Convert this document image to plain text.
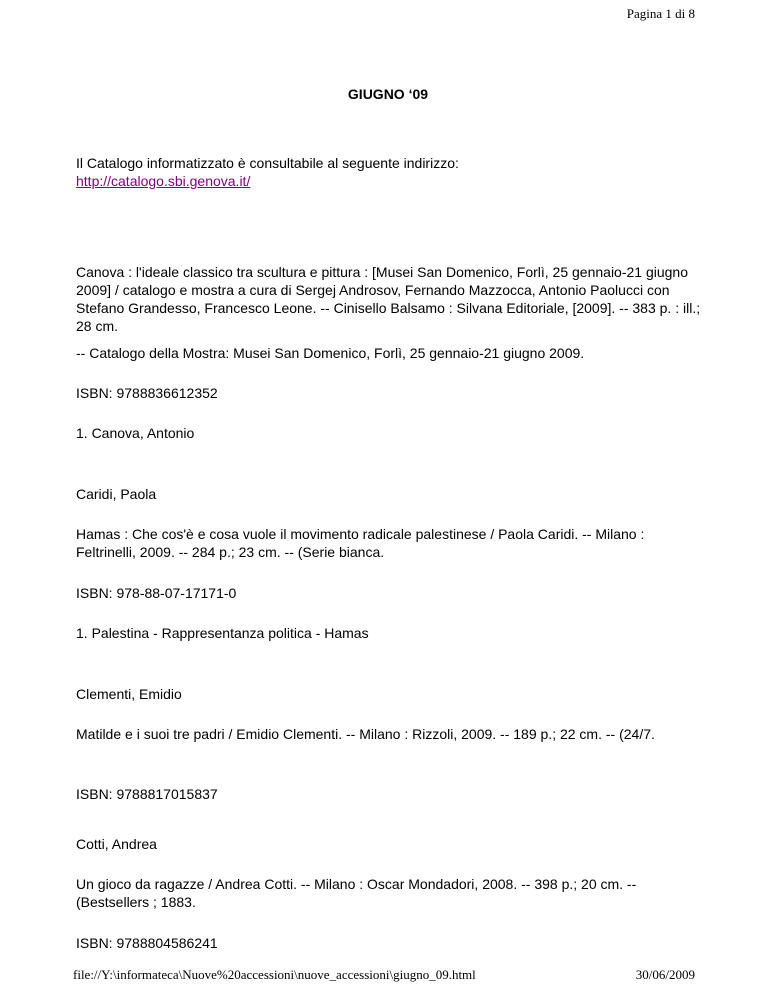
Pagina 1 di 8
GIUGNO ‘09
Il Catalogo informatizzato è consultabile al seguente indirizzo:
http://catalogo.sbi.genova.it/

Canova : l'ideale classico tra scultura e pittura : [Musei San Domenico, Forlì, 25 gennaio-21 giugno 2009] / catalogo e mostra a cura di Sergej Androsov, Fernando Mazzocca, Antonio Paolucci con Stefano Grandesso, Francesco Leone. -- Cinisello Balsamo : Silvana Editoriale, [2009]. -- 383 p. : ill.; 28 cm.

-- Catalogo della Mostra: Musei San Domenico, Forlì, 25 gennaio-21 giugno 2009.

ISBN: 9788836612352

1. Canova, Antonio

Caridi, Paola

Hamas : Che cos'è e cosa vuole il movimento radicale palestinese / Paola Caridi. -- Milano : Feltrinelli, 2009. -- 284 p.; 23 cm. -- (Serie bianca.

ISBN: 978-88-07-17171-0

1. Palestina - Rappresentanza politica - Hamas

Clementi, Emidio

Matilde e i suoi tre padri / Emidio Clementi. -- Milano : Rizzoli, 2009. -- 189 p.; 22 cm. -- (24/7.

ISBN: 9788817015837

Cotti, Andrea

Un gioco da ragazze / Andrea Cotti. -- Milano : Oscar Mondadori, 2008. -- 398 p.; 20 cm. -- (Bestsellers ; 1883.

ISBN: 9788804586241

file://Y:\informateca\Nuove%20accessioni\nuove_accessioni\giugno_09.html	30/06/2009
